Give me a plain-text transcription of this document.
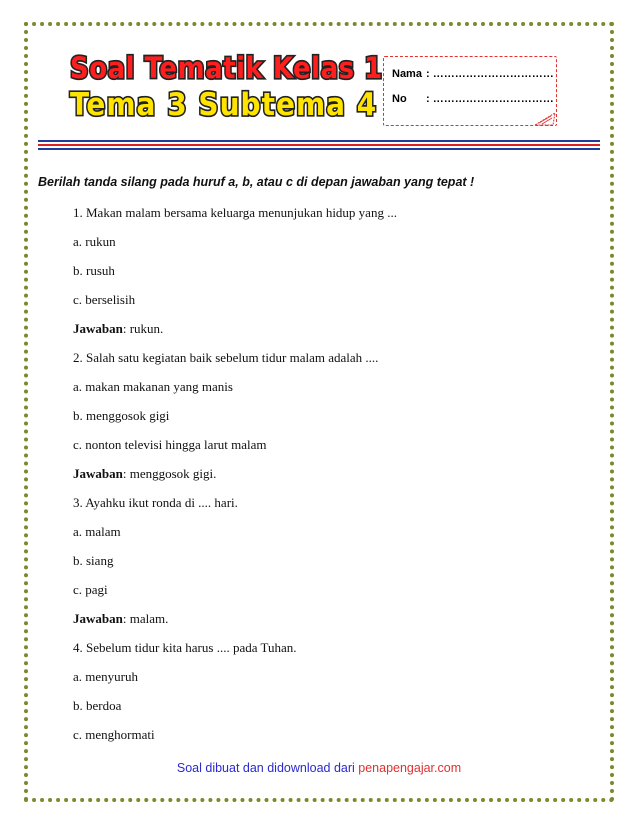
Soal Tematik Kelas 1
Tema 3 Subtema 4
Nama : ……………………………
No : ……………………………
Berilah tanda silang pada huruf a, b, atau c di depan jawaban yang tepat !
1. Makan malam bersama keluarga menunjukan hidup yang ...
a. rukun
b. rusuh
c. berselisih
Jawaban: rukun.
2. Salah satu kegiatan baik sebelum tidur malam adalah ....
a. makan makanan yang manis
b. menggosok gigi
c. nonton televisi hingga larut malam
Jawaban: menggosok gigi.
3. Ayahku ikut ronda di .... hari.
a. malam
b. siang
c. pagi
Jawaban: malam.
4. Sebelum tidur kita harus .... pada Tuhan.
a. menyuruh
b. berdoa
c. menghormati
Soal dibuat dan didownload dari penapengajar.com
